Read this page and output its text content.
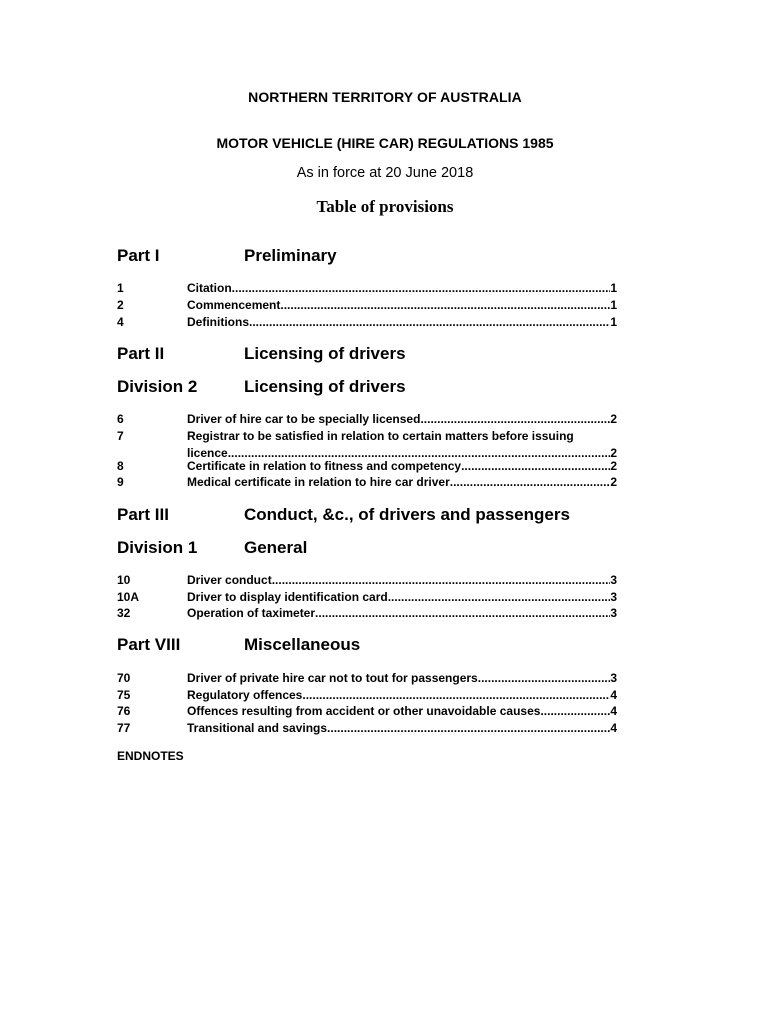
NORTHERN TERRITORY OF AUSTRALIA
MOTOR VEHICLE (HIRE CAR) REGULATIONS 1985
As in force at 20 June 2018
Table of provisions
Part I	Preliminary
1	Citation .....	1
2	Commencement .....	1
4	Definitions .....	1
Part II	Licensing of drivers
Division 2	Licensing of drivers
6	Driver of hire car to be specially licensed .....	2
7	Registrar to be satisfied in relation to certain matters before issuing
licence .....	2
8	Certificate in relation to fitness and competency .....	2
9	Medical certificate in relation to hire car driver .....	2
Part III	Conduct, &c., of drivers and passengers
Division 1	General
10	Driver conduct .....	3
10A	Driver to display identification card .....	3
32	Operation of taximeter .....	3
Part VIII	Miscellaneous
70	Driver of private hire car not to tout for passengers .....	3
75	Regulatory offences .....	4
76	Offences resulting from accident or other unavoidable causes .....	4
77	Transitional and savings .....	4
ENDNOTES
